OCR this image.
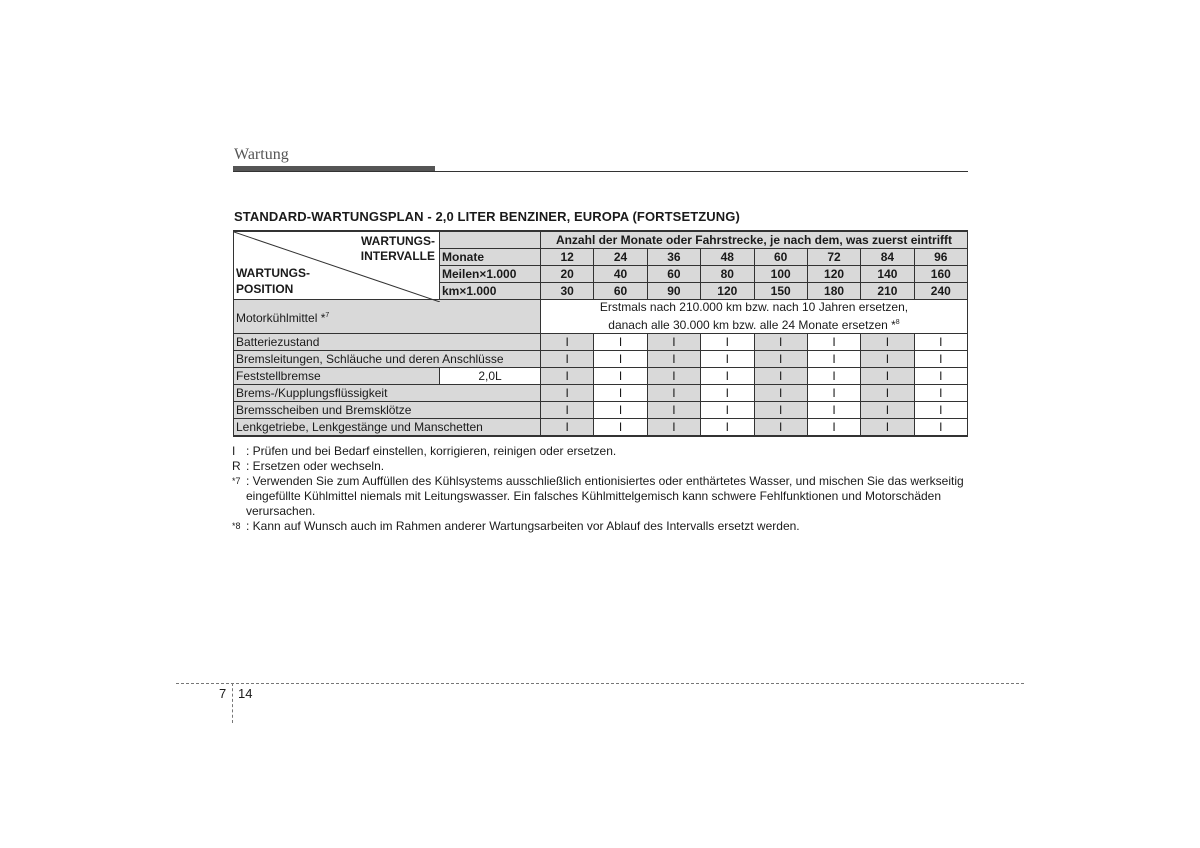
Wartung
STANDARD-WARTUNGSPLAN - 2,0 LITER BENZINER, EUROPA (FORTSETZUNG)
WARTUNGS-
INTERVALLE
WARTUNGS-
POSITION		Anzahl der Monate oder Fahrstrecke, je nach dem, was zuerst eintrifft							
	Monate	12	24	36	48	60	72	84	96
	Meilen×1.000	20	40	60	80	100	120	140	160
	km×1.000	30	60	90	120	150	180	210	240
Motorkühlmittel *$^7$		Erstmals nach 210.000 km bzw. nach 10 Jahren ersetzen,
danach alle 30.000 km bzw. alle 24 Monate ersetzen *$^8$

Batteriezustand		I	I	I	I	I	I	I	I
Bremsleitungen, Schläuche und deren Anschlüsse		I	I	I	I	I	I	I	I
Feststellbremse	2,0L	I	I	I	I	I	I	I	I
Brems-/Kupplungsflüssigkeit		I	I	I	I	I	I	I	I
Bremsscheiben und Bremsklötze		I	I	I	I	I	I	I	I
Lenkgetriebe, Lenkgestänge und Manschetten		I	I	I	I	I	I	I	I
I : Prüfen und bei Bedarf einstellen, korrigieren, reinigen oder ersetzen.
R : Ersetzen oder wechseln.
*7 : Verwenden Sie zum Auffüllen des Kühlsystems ausschließlich entionisiertes oder enthärtetes Wasser, und mischen Sie das werkseitig eingefüllte Kühlmittel niemals mit Leitungswasser. Ein falsches Kühlmittelgemisch kann schwere Fehlfunktionen und Motorschäden verursachen.
*8 : Kann auf Wunsch auch im Rahmen anderer Wartungsarbeiten vor Ablauf des Intervalls ersetzt werden.
7 14
